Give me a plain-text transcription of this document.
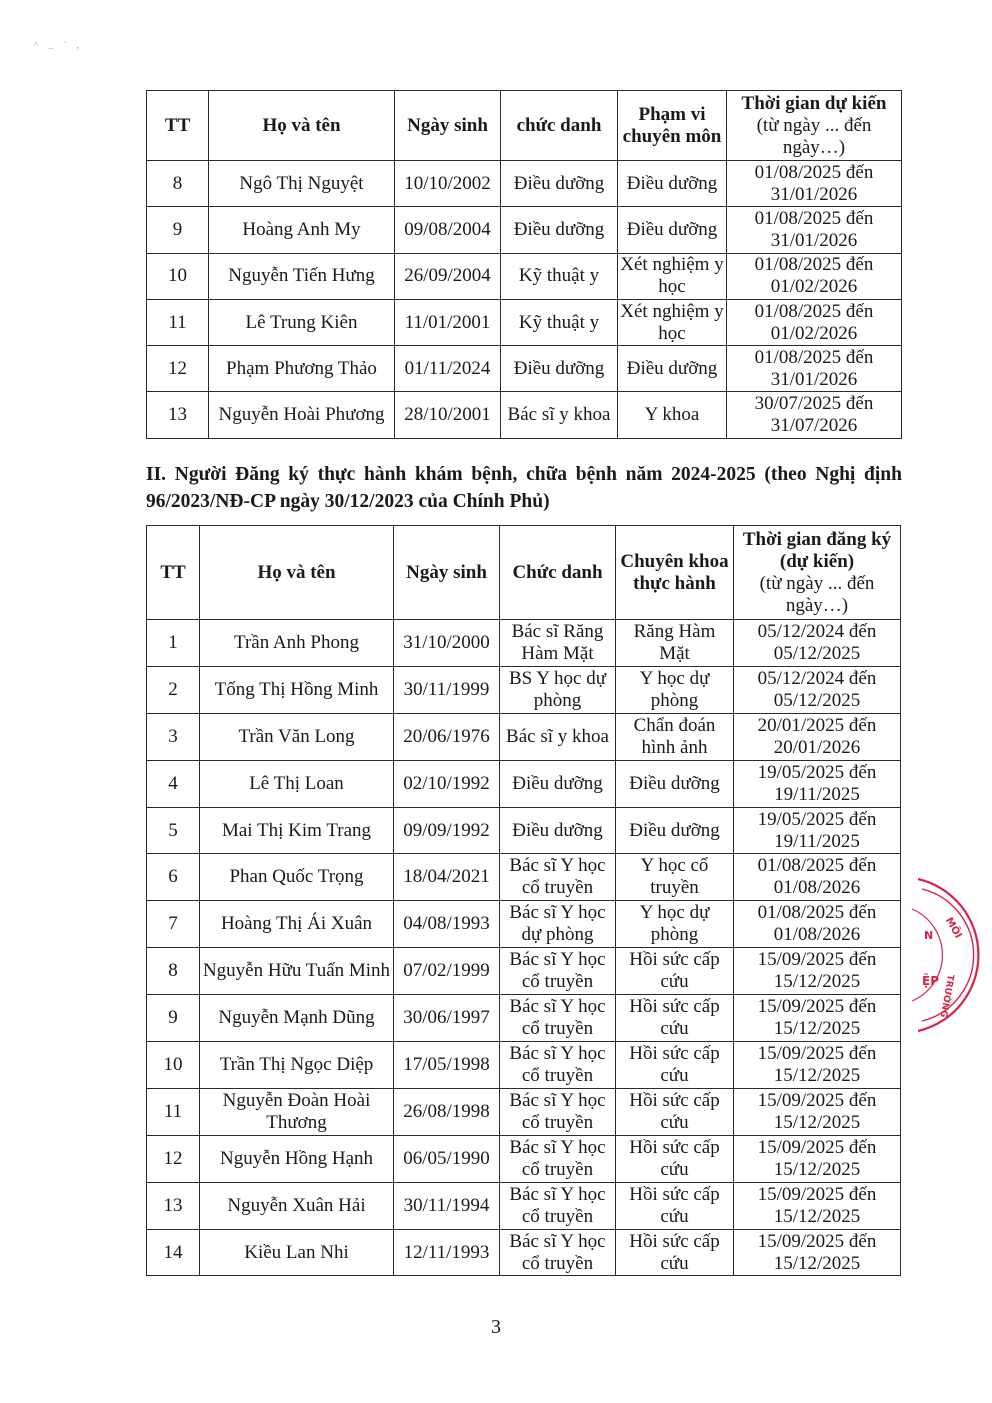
^ _ ` ,
TT	Họ và tên	Ngày sinh	chức danh	Phạm vi chuyên môn	Thời gian dự kiến
(từ ngày ... đến ngày…)
8	Ngô Thị Nguyệt	10/10/2002	Điều dưỡng	Điều dưỡng	01/08/2025 đến 31/01/2026
9	Hoàng Anh My	09/08/2004	Điều dưỡng	Điều dưỡng	01/08/2025 đến 31/01/2026
10	Nguyễn Tiến Hưng	26/09/2004	Kỹ thuật y	Xét nghiệm y học	01/08/2025 đến 01/02/2026
11	Lê Trung Kiên	11/01/2001	Kỹ thuật y	Xét nghiệm y học	01/08/2025 đến 01/02/2026
12	Phạm Phương Thảo	01/11/2024	Điều dưỡng	Điều dưỡng	01/08/2025 đến 31/01/2026
13	Nguyễn Hoài Phương	28/10/2001	Bác sĩ y khoa	Y khoa	30/07/2025 đến 31/07/2026
II. Người Đăng ký thực hành khám bệnh, chữa bệnh năm 2024-2025 (theo Nghị định 96/2023/NĐ-CP ngày 30/12/2023 của Chính Phủ)
TT	Họ và tên	Ngày sinh	Chức danh	Chuyên khoa thực hành	Thời gian đăng ký (dự kiến)
(từ ngày ... đến ngày…)
1	Trần Anh Phong	31/10/2000	Bác sĩ Răng Hàm Mặt	Răng Hàm Mặt	05/12/2024 đến 05/12/2025
2	Tống Thị Hồng Minh	30/11/1999	BS Y học dự phòng	Y học dự phòng	05/12/2024 đến 05/12/2025
3	Trần Văn Long	20/06/1976	Bác sĩ y khoa	Chẩn đoán hình ảnh	20/01/2025 đến 20/01/2026
4	Lê Thị Loan	02/10/1992	Điều dưỡng	Điều dưỡng	19/05/2025 đến 19/11/2025
5	Mai Thị Kim Trang	09/09/1992	Điều dưỡng	Điều dưỡng	19/05/2025 đến 19/11/2025
6	Phan Quốc Trọng	18/04/2021	Bác sĩ Y học cổ truyền	Y học cổ truyền	01/08/2025 đến 01/08/2026
7	Hoàng Thị Ái Xuân	04/08/1993	Bác sĩ Y học dự phòng	Y học dự phòng	01/08/2025 đến 01/08/2026
8	Nguyễn Hữu Tuấn Minh	07/02/1999	Bác sĩ Y học cổ truyền	Hồi sức cấp cứu	15/09/2025 đến 15/12/2025
9	Nguyễn Mạnh Dũng	30/06/1997	Bác sĩ Y học cổ truyền	Hồi sức cấp cứu	15/09/2025 đến 15/12/2025
10	Trần Thị Ngọc Diệp	17/05/1998	Bác sĩ Y học cổ truyền	Hồi sức cấp cứu	15/09/2025 đến 15/12/2025
11	Nguyễn Đoàn Hoài Thương	26/08/1998	Bác sĩ Y học cổ truyền	Hồi sức cấp cứu	15/09/2025 đến 15/12/2025
12	Nguyễn Hồng Hạnh	06/05/1990	Bác sĩ Y học cổ truyền	Hồi sức cấp cứu	15/09/2025 đến 15/12/2025
13	Nguyễn Xuân Hải	30/11/1994	Bác sĩ Y học cổ truyền	Hồi sức cấp cứu	15/09/2025 đến 15/12/2025
14	Kiều Lan Nhi	12/11/1993	Bác sĩ Y học cổ truyền	Hồi sức cấp cứu	15/09/2025 đến 15/12/2025
3
N MÔI
ỆP
TRƯỜNG
